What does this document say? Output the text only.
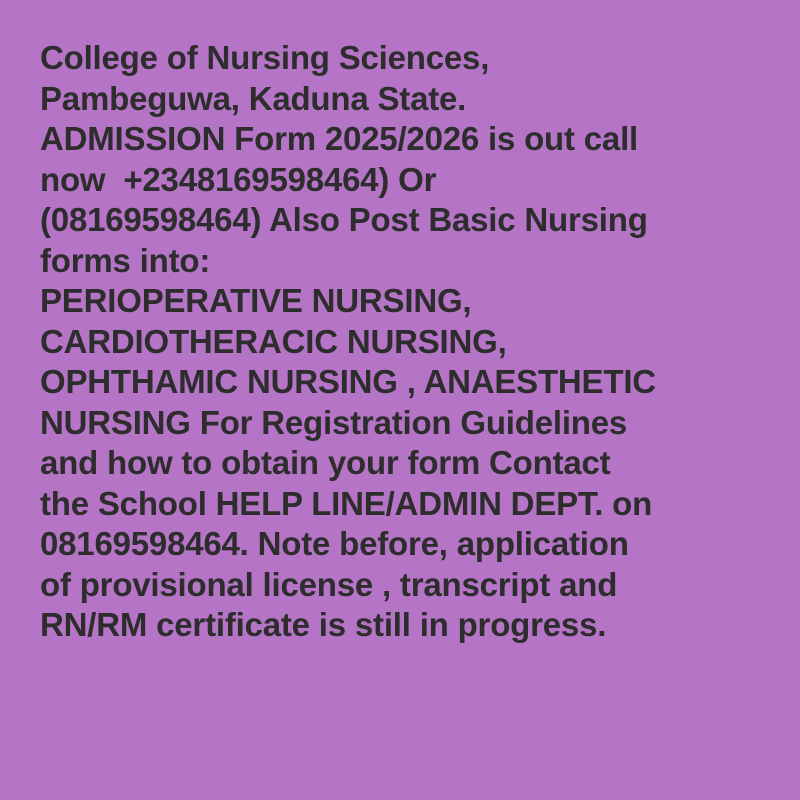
College of Nursing Sciences,
Pambeguwa, Kaduna State.
ADMISSION Form 2025/2026 is out call
now  +2348169598464) Or
(08169598464) Also Post Basic Nursing
forms into:
PERIOPERATIVE NURSING,
CARDIOTHERACIC NURSING,
OPHTHAMIC NURSING , ANAESTHETIC
NURSING For Registration Guidelines
and how to obtain your form Contact
the School HELP LINE/ADMIN DEPT. on
08169598464. Note before, application
of provisional license , transcript and
RN/RM certificate is still in progress.
